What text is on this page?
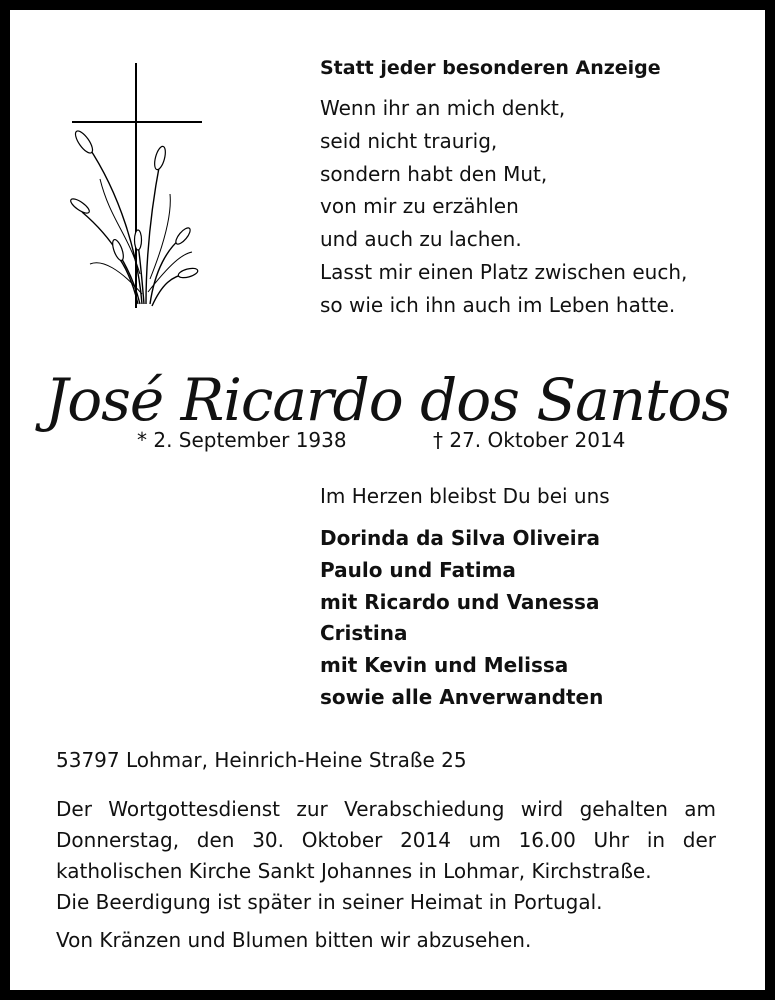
Statt jeder besonderen Anzeige
Wenn ihr an mich denkt,
seid nicht traurig,
sondern habt den Mut,
von mir zu erzählen
und auch zu lachen.
Lasst mir einen Platz zwischen euch,
so wie ich ihn auch im Leben hatte.
José Ricardo dos Santos
* 2. September 1938	† 27. Oktober 2014
Im Herzen bleibst Du bei uns
Dorinda da Silva Oliveira
Paulo und Fatima
mit Ricardo und Vanessa
Cristina
mit Kevin und Melissa
sowie alle Anverwandten
53797 Lohmar, Heinrich-Heine Straße 25
Der Wortgottesdienst zur Verabschiedung wird gehalten am Donnerstag, den 30. Oktober 2014 um 16.00 Uhr in der katholischen Kirche Sankt Johannes in Lohmar, Kirchstraße.
Die Beerdigung ist später in seiner Heimat in Portugal.
Von Kränzen und Blumen bitten wir abzusehen.
